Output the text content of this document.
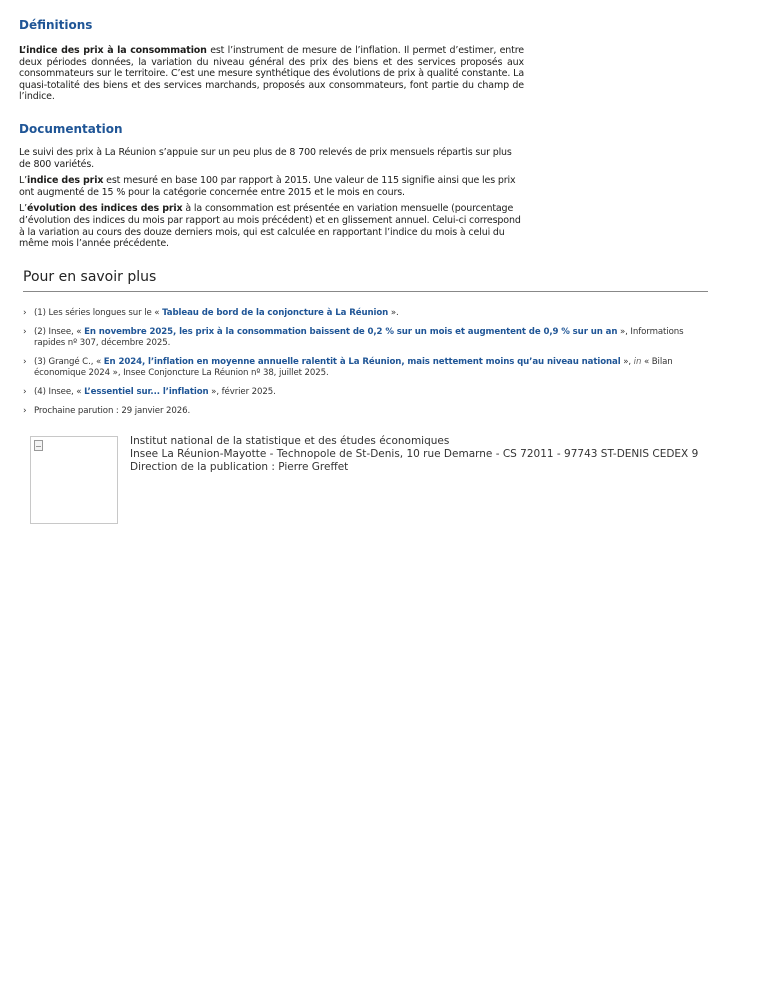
Définitions

L’indice des prix à la consommation est l’instrument de mesure de l’inflation. Il permet d’estimer, entre deux périodes données, la variation du niveau général des prix des biens et des services proposés aux consommateurs sur le territoire. C’est une mesure synthétique des évolutions de prix à qualité constante. La quasi-totalité des biens et des services marchands, proposés aux consommateurs, font partie du champ de l’indice.

Documentation

Le suivi des prix à La Réunion s’appuie sur un peu plus de 8 700 relevés de prix mensuels répartis sur plus de 800 variétés.

L’indice des prix est mesuré en base 100 par rapport à 2015. Une valeur de 115 signifie ainsi que les prix ont augmenté de 15 % pour la catégorie concernée entre 2015 et le mois en cours.

L’évolution des indices des prix à la consommation est présentée en variation mensuelle (pourcentage d’évolution des indices du mois par rapport au mois précédent) et en glissement annuel. Celui-ci correspond à la variation au cours des douze derniers mois, qui est calculée en rapportant l’indice du mois à celui du même mois l’année précédente.

Pour en savoir plus
› (1) Les séries longues sur le « Tableau de bord de la conjoncture à La Réunion ».
› (2) Insee, « En novembre 2025, les prix à la consommation baissent de 0,2 % sur un mois et augmentent de 0,9 % sur un an », Informations rapides nº 307, décembre 2025.
› (3) Grangé C., « En 2024, l’inflation en moyenne annuelle ralentit à La Réunion, mais nettement moins qu’au niveau national », in « Bilan économique 2024 », Insee Conjoncture La Réunion nº 38, juillet 2025.
› (4) Insee, « L’essentiel sur... l’inflation », février 2025.
› Prochaine parution : 29 janvier 2026.
Institut national de la statistique et des études économiques
Insee La Réunion-Mayotte - Technopole de St-Denis, 10 rue Demarne - CS 72011 - 97743 ST-DENIS CEDEX 9
Direction de la publication : Pierre Greffet
